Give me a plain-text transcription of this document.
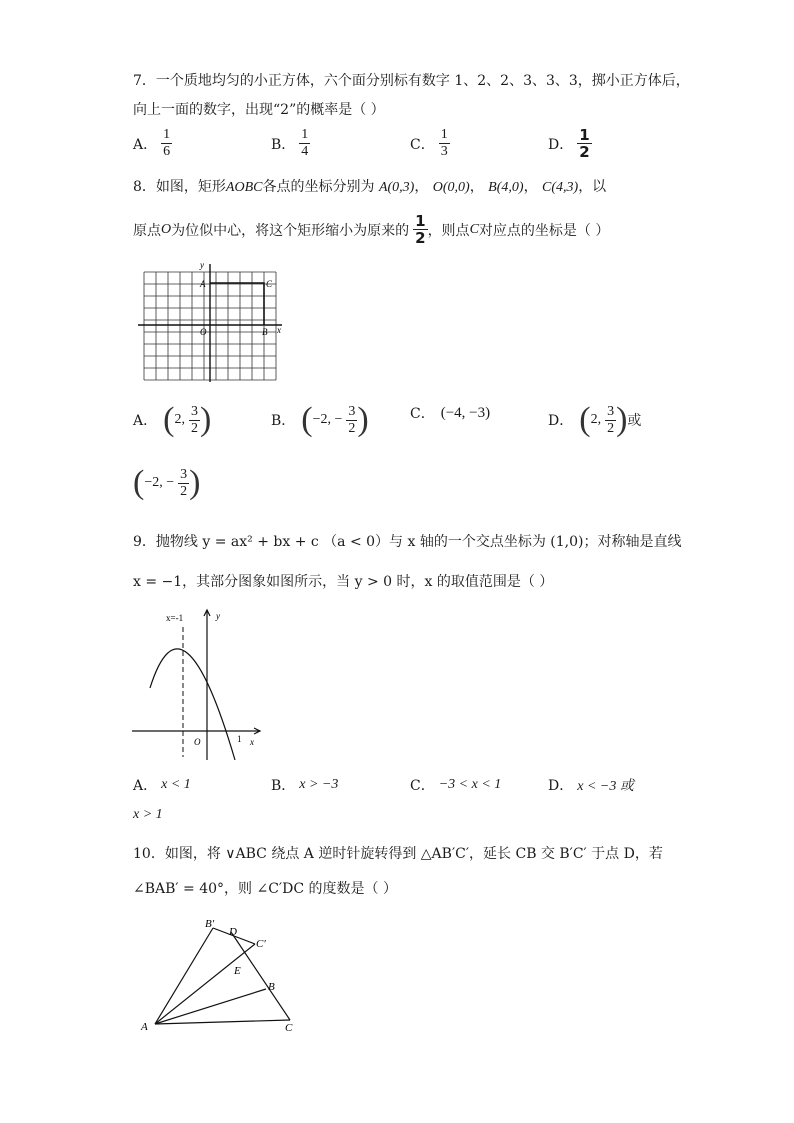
7．一个质地均匀的小正方体，六个面分别标有数字 1、2、2、3、3、3，掷小正方体后，
向上一面的数字，出现“2”的概率是（ ）
A． $\frac{1}{6}$	B． $\frac{1}{4}$	C． $\frac{1}{3}$	D． $\frac{1}{2}$
8．如图，矩形AOBC各点的坐标分别为 A(0,3)， O(0,0)， B(4,0)， C(4,3)，以
原点 O 为位似中心，将这个矩形缩小为原来的 $\frac{1}{2}$ ，则点 C 对应点的坐标是（ ）
y
x
A	C
O	B
A． ( 2, $\frac{3}{2}$ )	B． ( −2, − $\frac{3}{2}$ )	C． (−4, −3)
D． ( 2, $\frac{3}{2}$ ) 或
( −2, − $\frac{3}{2}$ )
9．抛物线 y = ax² + bx + c （a < 0）与 x 轴的一个交点坐标为 (1,0)；对称轴是直线
x = −1，其部分图象如图所示，当 y > 0 时，x 的取值范围是（ ）
x=-1	y
O	1 x
A． x < 1	B． x > −3	C． −3 < x < 1	D． x < −3 或
x > 1
10．如图，将 ∨ABC 绕点 A 逆时针旋转得到 △AB′C′，延长 CB 交 B′C′ 于点 D，若
∠BAB′ = 40°，则 ∠C′DC 的度数是（ ）
B′
D
C′
E
B
A	C
